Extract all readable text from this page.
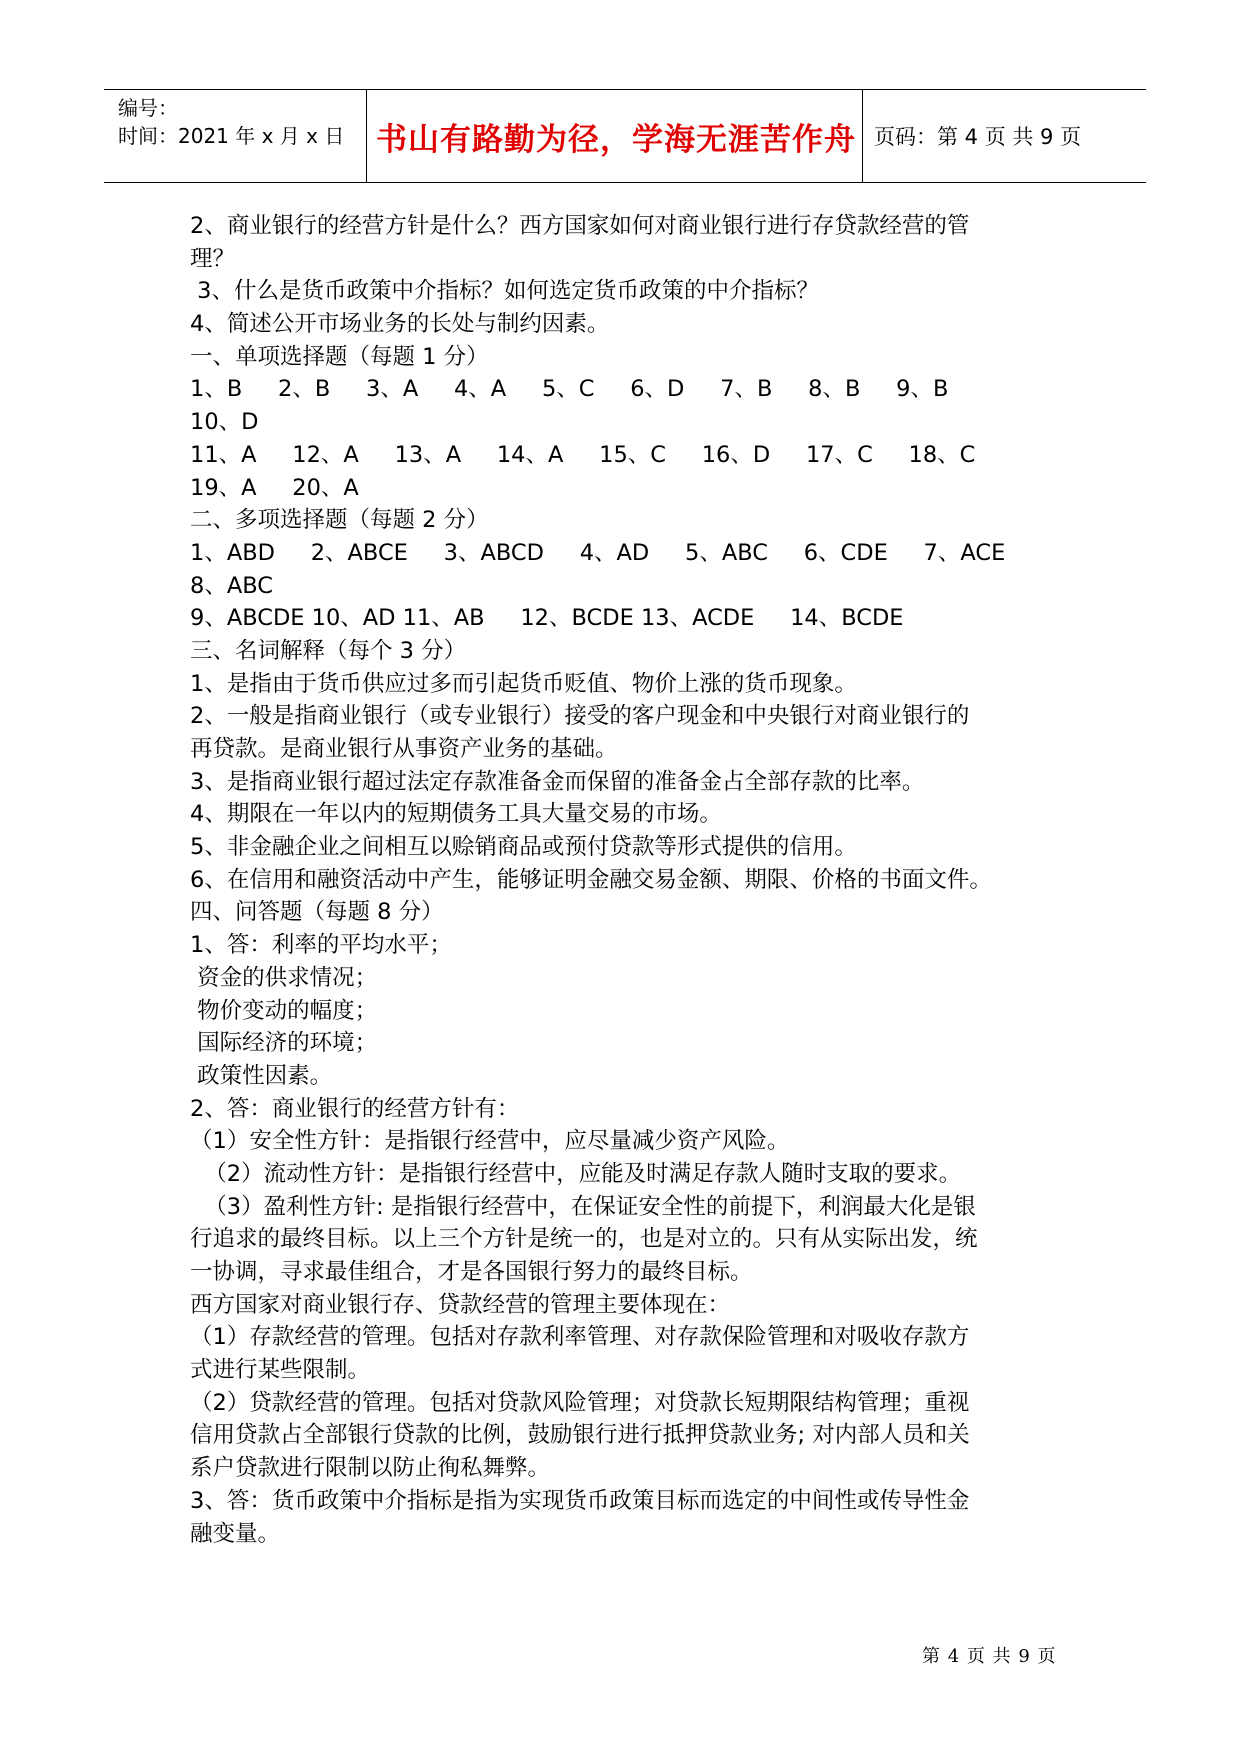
编号：
时间：2021 年 x 月 x 日 书山有路勤为径，学海无涯苦作舟 页码：第 4 页 共 9 页
2、商业银行的经营方针是什么？西方国家如何对商业银行进行存贷款经营的管
理？
3、什么是货币政策中介指标？如何选定货币政策的中介指标？
4、简述公开市场业务的长处与制约因素。
一、单项选择题（每题 1 分）
1、B     2、B     3、A     4、A     5、C     6、D     7、B     8、B     9、B
10、D
11、A     12、A     13、A     14、A     15、C     16、D     17、C     18、C
19、A     20、A
二、多项选择题（每题 2 分）
1、ABD     2、ABCE     3、ABCD     4、AD     5、ABC     6、CDE     7、ACE
8、ABC
9、ABCDE 10、AD 11、AB     12、BCDE 13、ACDE     14、BCDE
三、名词解释（每个 3 分）
1、是指由于货币供应过多而引起货币贬值、物价上涨的货币现象。
2、一般是指商业银行（或专业银行）接受的客户现金和中央银行对商业银行的
再贷款。是商业银行从事资产业务的基础。
3、是指商业银行超过法定存款准备金而保留的准备金占全部存款的比率。
4、期限在一年以内的短期债务工具大量交易的市场。
5、非金融企业之间相互以赊销商品或预付贷款等形式提供的信用。
6、在信用和融资活动中产生，能够证明金融交易金额、期限、价格的书面文件。
四、问答题（每题 8 分）
1、答：利率的平均水平；
资金的供求情况；
物价变动的幅度；
国际经济的环境；
政策性因素。
2、答：商业银行的经营方针有：
（1）安全性方针：是指银行经营中，应尽量减少资产风险。
（2）流动性方针：是指银行经营中，应能及时满足存款人随时支取的要求。
（3）盈利性方针: 是指银行经营中，在保证安全性的前提下，利润最大化是银
行追求的最终目标。以上三个方针是统一的，也是对立的。只有从实际出发，统
一协调，寻求最佳组合，才是各国银行努力的最终目标。
西方国家对商业银行存、贷款经营的管理主要体现在：
（1）存款经营的管理。包括对存款利率管理、对存款保险管理和对吸收存款方
式进行某些限制。
（2）贷款经营的管理。包括对贷款风险管理；对贷款长短期限结构管理；重视
信用贷款占全部银行贷款的比例，鼓励银行进行抵押贷款业务; 对内部人员和关
系户贷款进行限制以防止徇私舞弊。
3、答：货币政策中介指标是指为实现货币政策目标而选定的中间性或传导性金
融变量。
第 4 页 共 9 页
